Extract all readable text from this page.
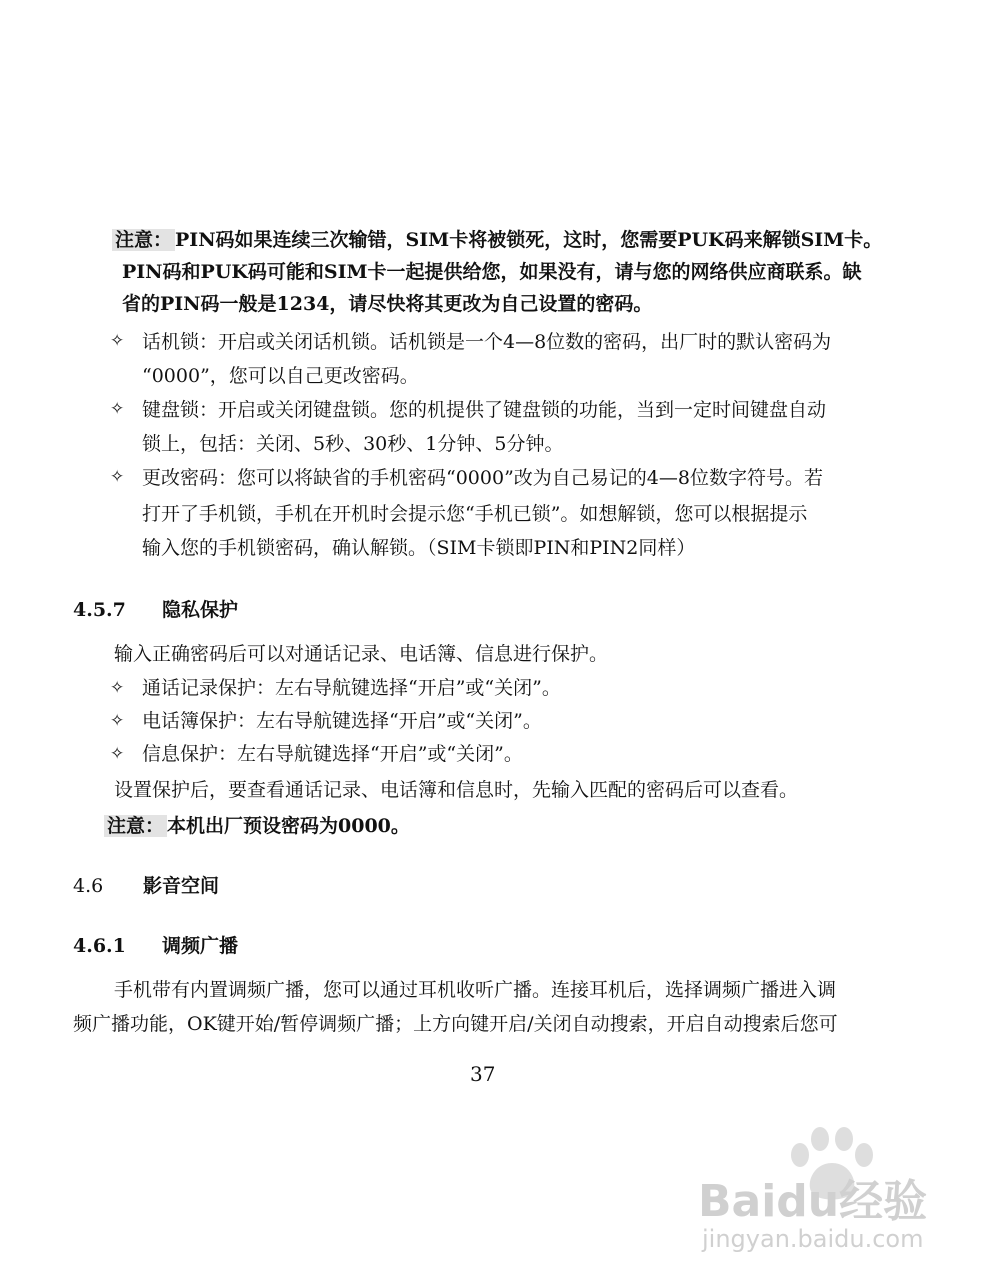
注意： PIN码如果连续三次输错，SIM卡将被锁死，这时，您需要PUK码来解锁SIM卡。
PIN码和PUK码可能和SIM卡一起提供给您，如果没有，请与您的网络供应商联系。缺
省的PIN码一般是1234，请尽快将其更改为自己设置的密码。
✧ 话机锁：开启或关闭话机锁。话机锁是一个4—8位数的密码，出厂时的默认密码为
“0000”，您可以自己更改密码。
✧ 键盘锁：开启或关闭键盘锁。您的机提供了键盘锁的功能，当到一定时间键盘自动
锁上，包括：关闭、5秒、30秒、1分钟、5分钟。
✧ 更改密码：您可以将缺省的手机密码“0000”改为自己易记的4—8位数字符号。若
打开了手机锁，手机在开机时会提示您“手机已锁”。如想解锁，您可以根据提示
输入您的手机锁密码，确认解锁。（SIM卡锁即PIN和PIN2同样）
4.5.7 隐私保护
输入正确密码后可以对通话记录、电话簿、信息进行保护。
✧ 通话记录保护：左右导航键选择“开启”或“关闭”。
✧ 电话簿保护：左右导航键选择“开启”或“关闭”。
✧ 信息保护：左右导航键选择“开启”或“关闭”。
设置保护后，要查看通话记录、电话簿和信息时，先输入匹配的密码后可以查看。
注意： 本机出厂预设密码为0000。
4.6 影音空间
4.6.1 调频广播
手机带有内置调频广播，您可以通过耳机收听广播。连接耳机后，选择调频广播进入调
频广播功能，OK键开始/暂停调频广播；上方向键开启/关闭自动搜索，开启自动搜索后您可
37
Baidu经验
jingyan.baidu.com
